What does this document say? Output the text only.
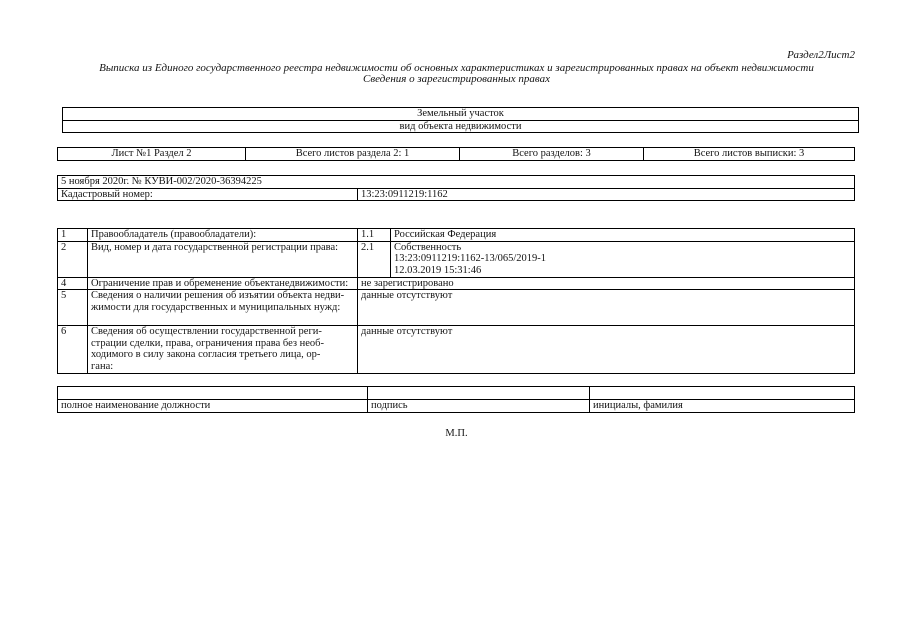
Раздел2Лист2
Выписка из Единого государственного реестра недвижимости об основных характеристиках и зарегистрированных правах на объект недвижимости
Сведения о зарегистрированных правах
Земельный участок
вид объекта недвижимости
Лист №1 Раздел 2	Всего листов раздела 2: 1	Всего разделов: 3	Всего листов выписки: 3
5 ноября 2020г. № КУВИ-002/2020-36394225
Кадастровый номер:	13:23:0911219:1162
1	Правообладатель (правообладатели):	1.1	Российская Федерация
2	Вид, номер и дата государственной регистрации права:	2.1	Собственность
13:23:0911219:1162-13/065/2019-1
12.03.2019 15:31:46
4	Ограничение прав и обременение объектанедвижимости:	не зарегистрировано	
5	Сведения о наличии решения об изъятии объекта недви-
жимости для государственных и муниципальных нужд:	данные отсутствуют	
6	Сведения об осуществлении государственной реги-
страции сделки, права, ограничения права без необ-
ходимого в силу закона согласия третьего лица, ор-
гана:	данные отсутствуют	

полное наименование должности	подпись	инициалы, фамилия
М.П.
